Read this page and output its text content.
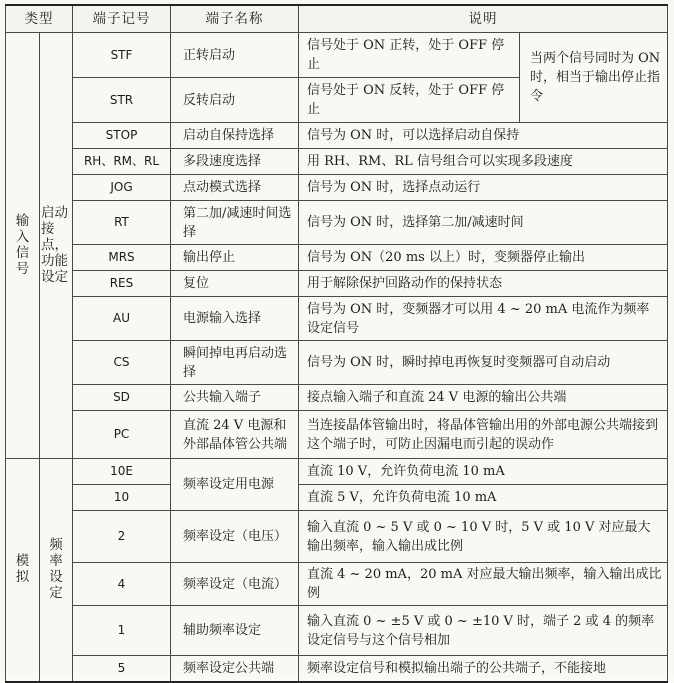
类型		端子记号	端子名称	说明	
输入信号	启动接点，功能设定	STF	正转启动	信号处于 ON 正转，处于 OFF 停止	当两个信号同时为 ON 时，相当于输出停止指令
		STR	反转启动	信号处于 ON 反转，处于 OFF 停止	
		STOP	启动自保持选择	信号为 ON 时，可以选择启动自保持	
		RH、RM、RL	多段速度选择	用 RH、RM、RL 信号组合可以实现多段速度	
		JOG	点动模式选择	信号为 ON 时，选择点动运行	
		RT	第二加/减速时间选择	信号为 ON 时，选择第二加/减速时间	
		MRS	输出停止	信号为 ON（20 ms 以上）时，变频器停止输出	
		RES	复位	用于解除保护回路动作的保持状态	
		AU	电源输入选择	信号为 ON 时，变频器才可以用 4 ~ 20 mA 电流作为频率设定信号	
		CS	瞬间掉电再启动选择	信号为 ON 时，瞬时掉电再恢复时变频器可自动启动	
		SD	公共输入端子	接点输入端子和直流 24 V 电源的输出公共端	
		PC	直流 24 V 电源和外部晶体管公共端	当连接晶体管输出时，将晶体管输出用的外部电源公共端接到这个端子时，可防止因漏电而引起的误动作	
模拟	频率设定	10E	频率设定用电源	直流 10 V，允许负荷电流 10 mA	
		10		直流 5 V，允许负荷电流 10 mA	
		2	频率设定（电压）	输入直流 0 ~ 5 V 或 0 ~ 10 V 时，5 V 或 10 V 对应最大输出频率，输入输出成比例	
		4	频率设定（电流）	直流 4 ~ 20 mA，20 mA 对应最大输出频率，输入输出成比例	
		1	辅助频率设定	输入直流 0 ~ ±5 V 或 0 ~ ±10 V 时，端子 2 或 4 的频率设定信号与这个信号相加	
		5	频率设定公共端	频率设定信号和模拟输出端子的公共端子，不能接地	
